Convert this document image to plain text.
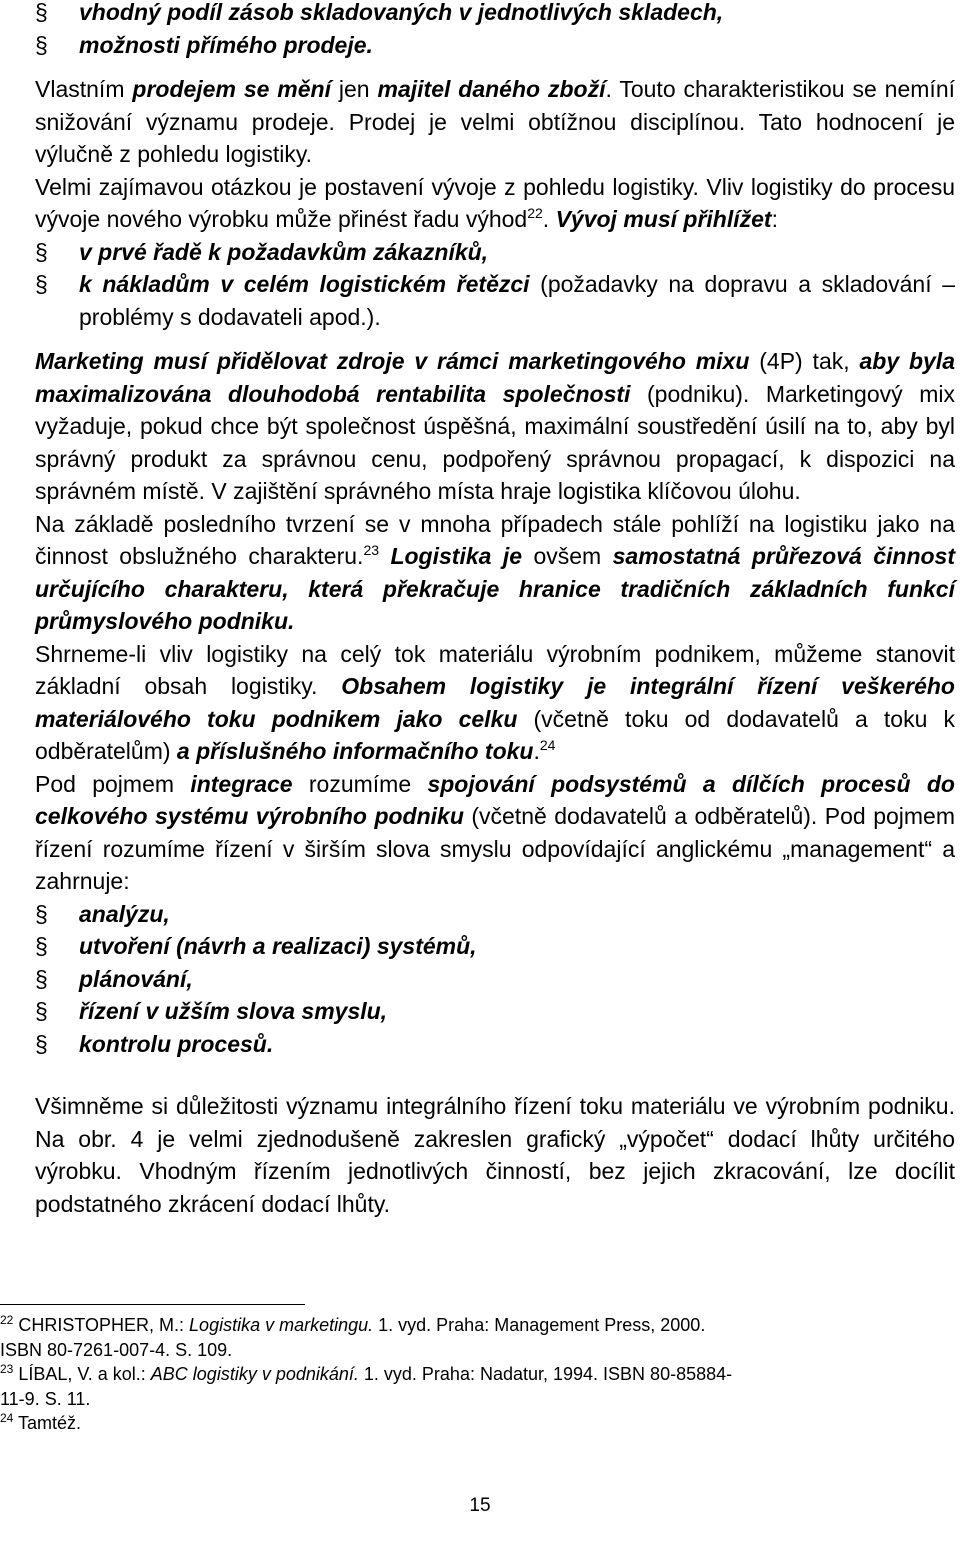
§	vhodný podíl zásob skladovaných v jednotlivých skladech,

§	možnosti přímého prodeje.

Vlastním prodejem se mění jen majitel daného zboží. Touto charakteristikou se nemíní snižování významu prodeje. Prodej je velmi obtížnou disciplínou. Tato hodnocení je výlučně z pohledu logistiky.

Velmi zajímavou otázkou je postavení vývoje z pohledu logistiky. Vliv logistiky do procesu vývoje nového výrobku může přinést řadu výhod$^{22}$. Vývoj musí přihlížet:

§	v prvé řadě k požadavkům zákazníků,

§	k nákladům v celém logistickém řetězci (požadavky na dopravu a skladování – problémy s dodavateli apod.).

Marketing musí přidělovat zdroje v rámci marketingového mixu (4P) tak, aby byla maximalizována dlouhodobá rentabilita společnosti (podniku). Marketingový mix vyžaduje, pokud chce být společnost úspěšná, maximální soustředění úsilí na to, aby byl správný produkt za správnou cenu, podpořený správnou propagací, k dispozici na správném místě. V zajištění správného místa hraje logistika klíčovou úlohu.

Na základě posledního tvrzení se v mnoha případech stále pohlíží na logistiku jako na činnost obslužného charakteru.$^{23}$ Logistika je ovšem samostatná průřezová činnost určujícího charakteru, která překračuje hranice tradičních základních funkcí průmyslového podniku.

Shrneme-li vliv logistiky na celý tok materiálu výrobním podnikem, můžeme stanovit základní obsah logistiky. Obsahem logistiky je integrální řízení veškerého materiálového toku podnikem jako celku (včetně toku od dodavatelů a toku k odběratelům) a příslušného informačního toku.$^{24}$

Pod pojmem integrace rozumíme spojování podsystémů a dílčích procesů do celkového systému výrobního podniku (včetně dodavatelů a odběratelů). Pod pojmem řízení rozumíme řízení v širším slova smyslu odpovídající anglickému „management“ a zahrnuje:

§	analýzu,

§	utvoření (návrh a realizaci) systémů,

§	plánování,

§	řízení v užším slova smyslu,

§	kontrolu procesů.

Všimněme si důležitosti významu integrálního řízení toku materiálu ve výrobním podniku. Na obr. 4 je velmi zjednodušeně zakreslen grafický „výpočet“ dodací lhůty určitého výrobku. Vhodným řízením jednotlivých činností, bez jejich zkracování, lze docílit podstatného zkrácení dodací lhůty.

$^{22}$ CHRISTOPHER, M.: Logistika v marketingu. 1. vyd. Praha: Management Press, 2000.

ISBN 80-7261-007-4. S. 109.

$^{23}$ LÍBAL, V. a kol.: ABC logistiky v podnikání. 1. vyd. Praha: Nadatur, 1994. ISBN 80-85884-

11-9. S. 11.

$^{24}$ Tamtéž.

15
